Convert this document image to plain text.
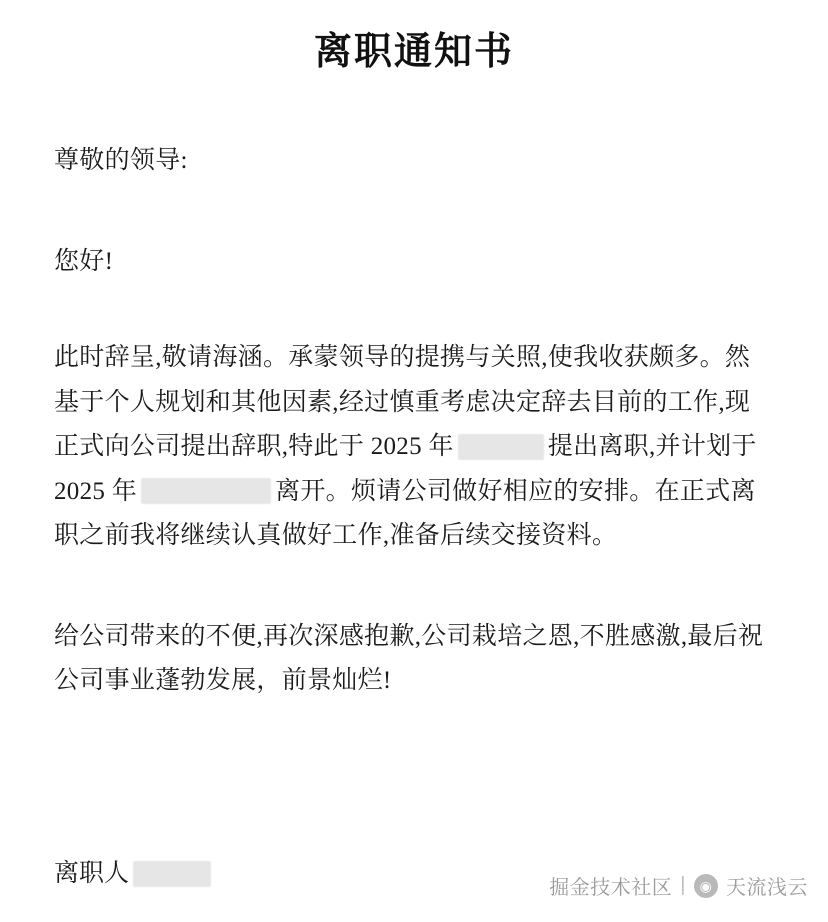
离职通知书

尊敬的领导:

您好!

此时辞呈,敬请海涵。承蒙领导的提携与关照,使我收获颇多。然基于个人规划和其他因素,经过慎重考虑决定辞去目前的工作,现正式向公司提出辞职,特此于 2025 年	提出离职,并计划于 2025 年	离开。烦请公司做好相应的安排。在正式离职之前我将继续认真做好工作,准备后续交接资料。

给公司带来的不便,再次深感抱歉,公司栽培之恩,不胜感激,最后祝公司事业蓬勃发展，前景灿烂!

离职人
掘金技术社区 | ◉ 天流浅云
